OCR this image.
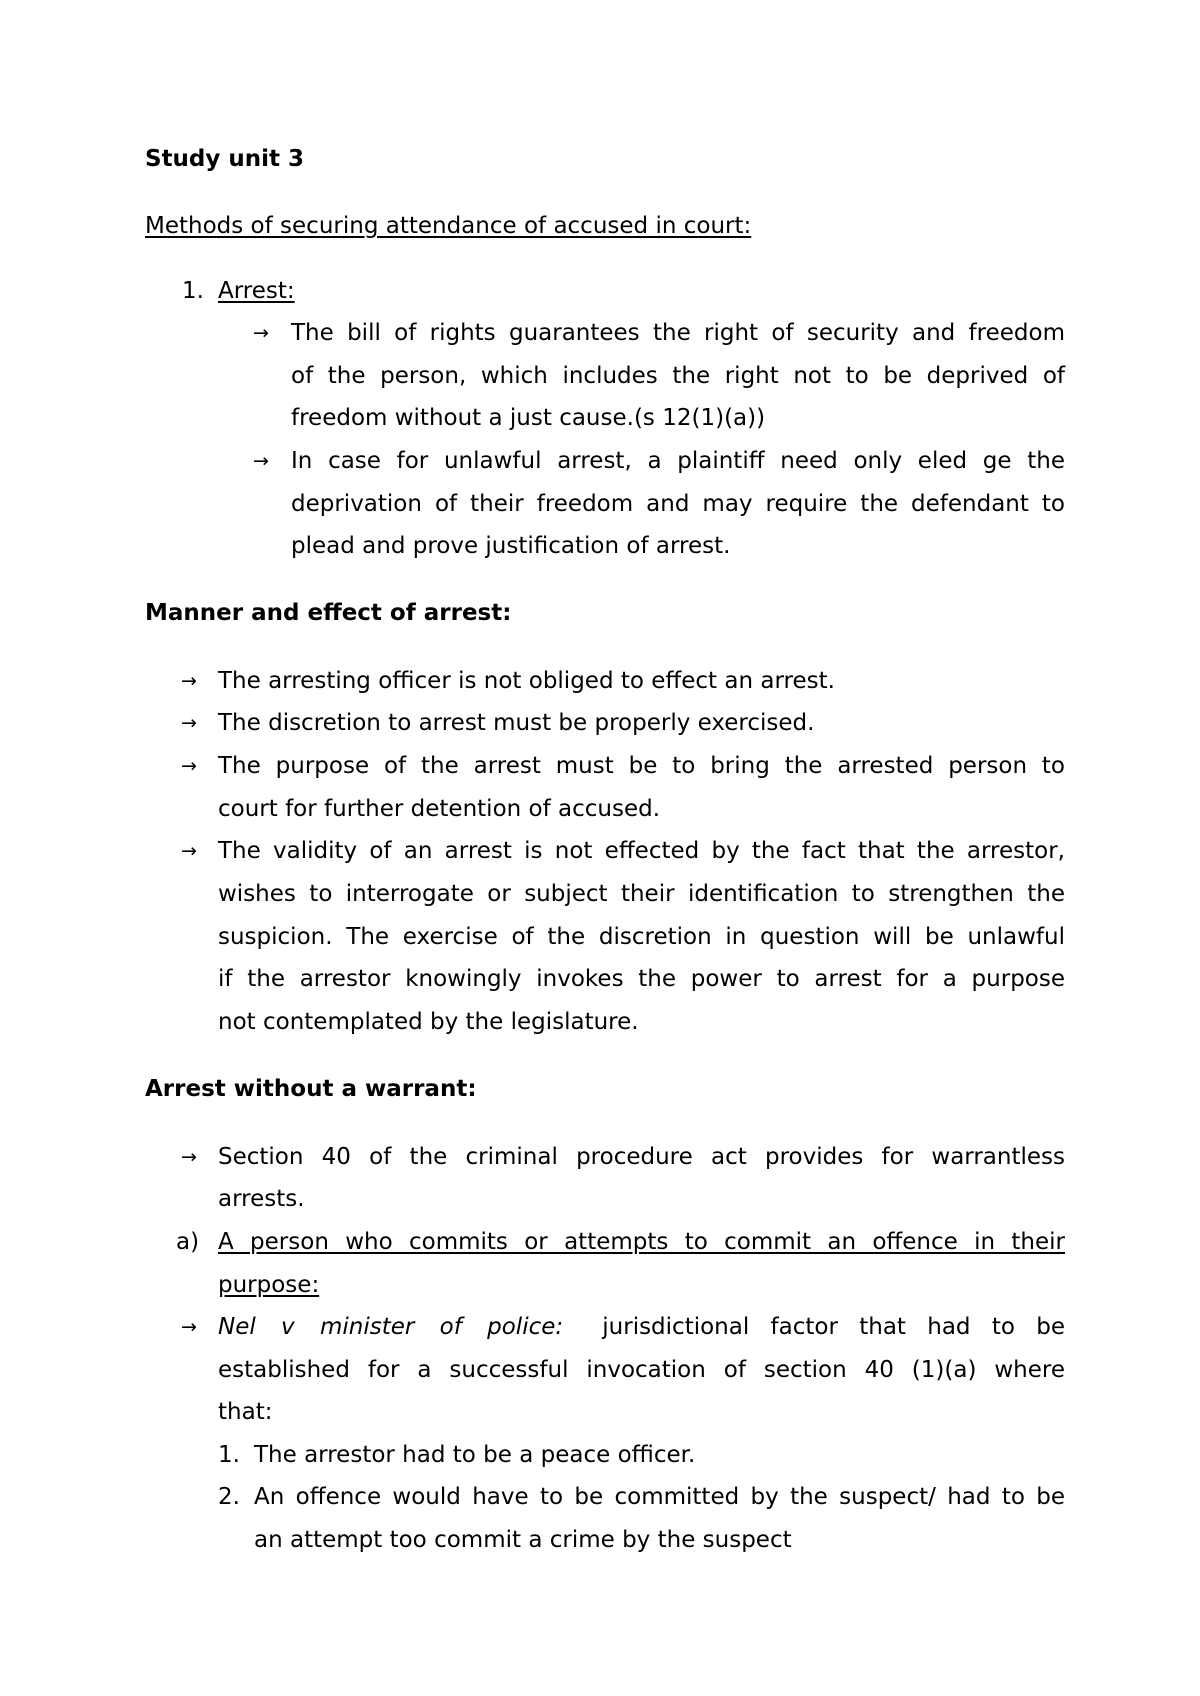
Study unit 3
Methods of securing attendance of accused in court:
1. Arrest:
→ The bill of rights guarantees the right of security and freedom
of the person, which includes the right not to be deprived of
freedom without a just cause.(s 12(1)(a))
→ In case for unlawful arrest, a plaintiff need only eled ge the
deprivation of their freedom and may require the defendant to
plead and prove justification of arrest.
Manner and effect of arrest:
→ The arresting officer is not obliged to effect an arrest.
→ The discretion to arrest must be properly exercised.
→ The purpose of the arrest must be to bring the arrested person to
court for further detention of accused.
→ The validity of an arrest is not effected by the fact that the arrestor,
wishes to interrogate or subject their identification to strengthen the
suspicion. The exercise of the discretion in question will be unlawful
if the arrestor knowingly invokes the power to arrest for a purpose
not contemplated by the legislature.
Arrest without a warrant:
→ Section 40 of the criminal procedure act provides for warrantless
arrests.
a) A person who commits or attempts to commit an offence in their
purpose:
→ Nel v minister of police: jurisdictional factor that had to be
established for a successful invocation of section 40 (1)(a) where
that:
1. The arrestor had to be a peace officer.
2. An offence would have to be committed by the suspect/ had to be
an attempt too commit a crime by the suspect
